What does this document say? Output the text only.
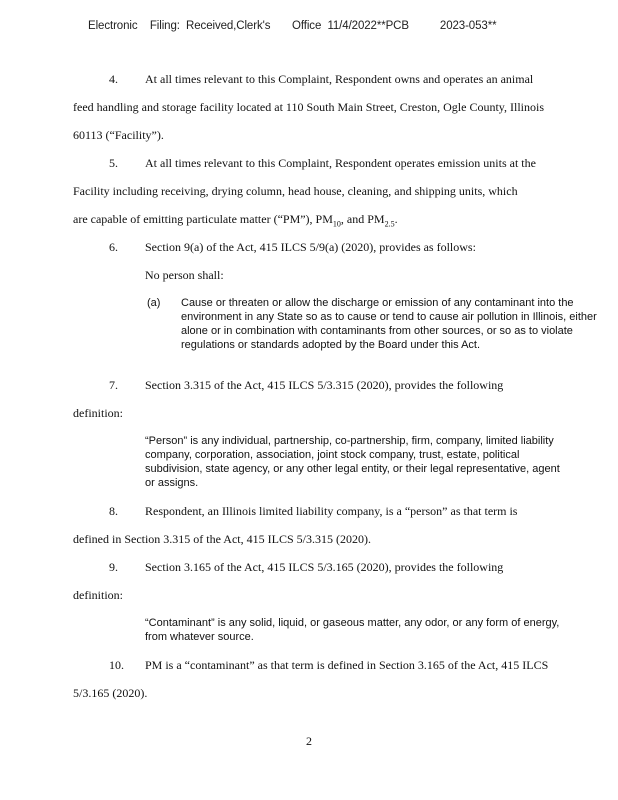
Electronic    Filing:  Received,Clerk's       Office  11/4/2022**PCB          2023-053**
4. At all times relevant to this Complaint, Respondent owns and operates an animal
feed handling and storage facility located at 110 South Main Street, Creston, Ogle County, Illinois
60113 (“Facility”).
5. At all times relevant to this Complaint, Respondent operates emission units at the
Facility including receiving, drying column, head house, cleaning, and shipping units, which
are capable of emitting particulate matter (“PM”), $PM_{10}$, and $PM_{2.5}$.
6. Section 9(a) of the Act, 415 ILCS 5/9(a) (2020), provides as follows:
No person shall:
(a) Cause or threaten or allow the discharge or emission of any contaminant into the environment in any State so as to cause or tend to cause air pollution in Illinois, either alone or in combination with contaminants from other sources, or so as to violate regulations or standards adopted by the Board under this Act.
7. Section 3.315 of the Act, 415 ILCS 5/3.315 (2020), provides the following
definition:
“Person” is any individual, partnership, co-partnership, firm, company, limited liability company, corporation, association, joint stock company, trust, estate, political subdivision, state agency, or any other legal entity, or their legal representative, agent or assigns.
8. Respondent, an Illinois limited liability company, is a “person” as that term is
defined in Section 3.315 of the Act, 415 ILCS 5/3.315 (2020).
9. Section 3.165 of the Act, 415 ILCS 5/3.165 (2020), provides the following
definition:
“Contaminant” is any solid, liquid, or gaseous matter, any odor, or any form of energy, from whatever source.
10. PM is a “contaminant” as that term is defined in Section 3.165 of the Act, 415 ILCS
5/3.165 (2020).
2
